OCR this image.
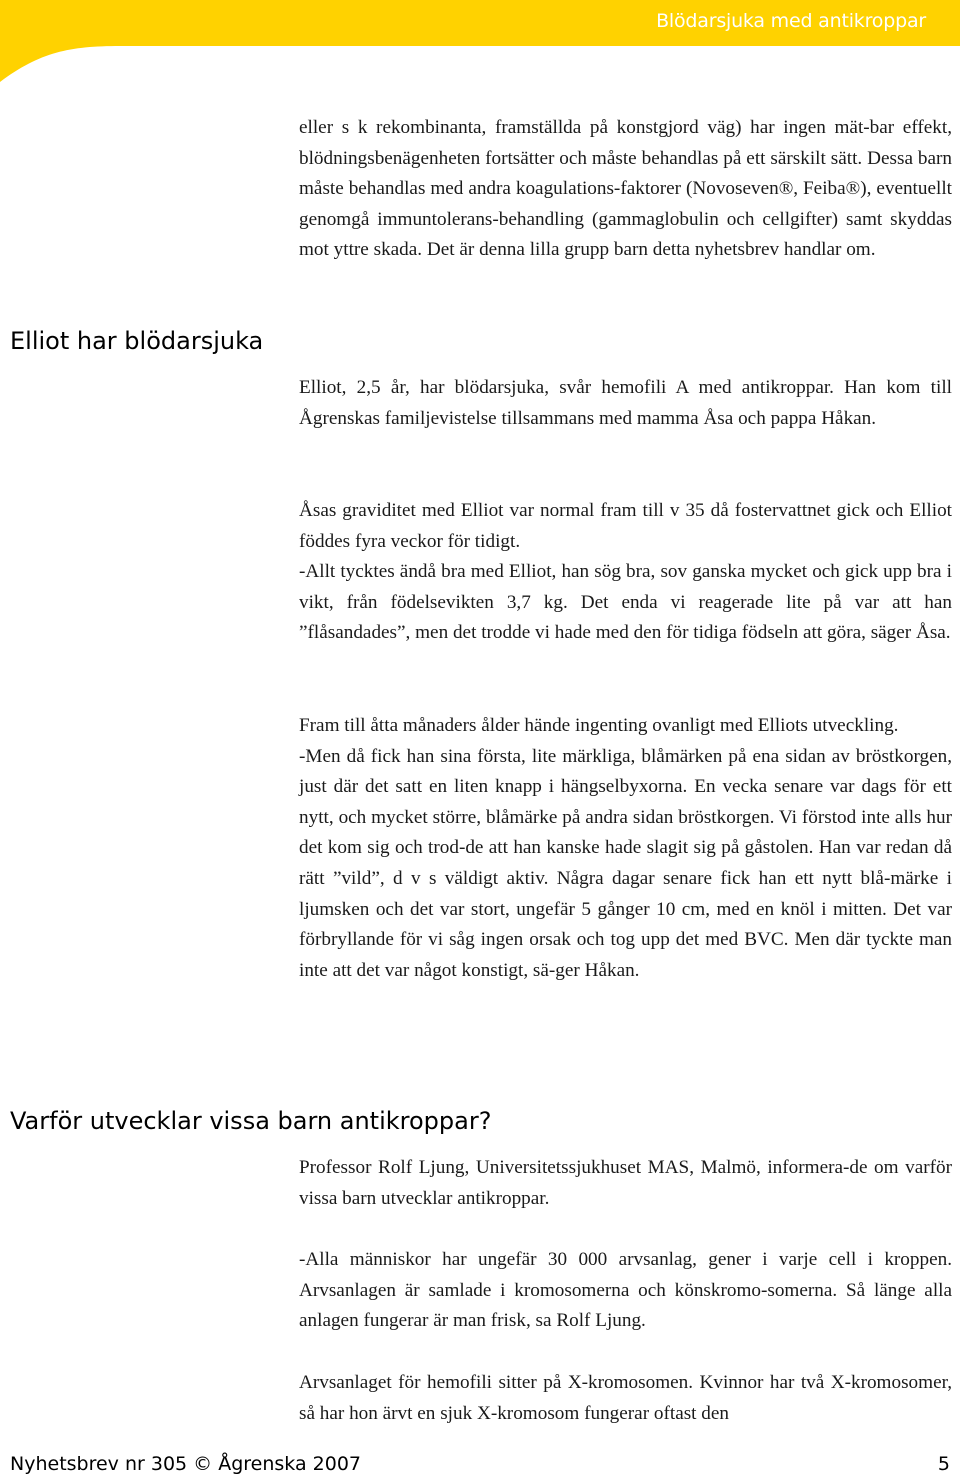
Blödarsjuka med antikroppar

eller s k rekombinanta, framställda på konstgjord väg) har ingen mät-bar effekt, blödningsbenägenheten fortsätter och måste behandlas på ett särskilt sätt. Dessa barn måste behandlas med andra koagulations-faktorer (Novoseven®, Feiba®), eventuellt genomgå immuntolerans-behandling (gammaglobulin och cellgifter) samt skyddas mot yttre skada. Det är denna lilla grupp barn detta nyhetsbrev handlar om.

Elliot har blödarsjuka

Elliot, 2,5 år, har blödarsjuka, svår hemofili A med antikroppar. Han kom till Ågrenskas familjevistelse tillsammans med mamma Åsa och pappa Håkan.

Åsas graviditet med Elliot var normal fram till v 35 då fostervattnet gick och Elliot föddes fyra veckor för tidigt.

-Allt tycktes ändå bra med Elliot, han sög bra, sov ganska mycket och gick upp bra i vikt, från födelsevikten 3,7 kg. Det enda vi reagerade lite på var att han ”flåsandades”, men det trodde vi hade med den för tidiga födseln att göra, säger Åsa.

Fram till åtta månaders ålder hände ingenting ovanligt med Elliots utveckling.

-Men då fick han sina första, lite märkliga, blåmärken på ena sidan av bröstkorgen, just där det satt en liten knapp i hängselbyxorna. En vecka senare var dags för ett nytt, och mycket större, blåmärke på andra sidan bröstkorgen. Vi förstod inte alls hur det kom sig och trod-de att han kanske hade slagit sig på gåstolen. Han var redan då rätt ”vild”, d v s väldigt aktiv. Några dagar senare fick han ett nytt blå-märke i ljumsken och det var stort, ungefär 5 gånger 10 cm, med en knöl i mitten. Det var förbryllande för vi såg ingen orsak och tog upp det med BVC. Men där tyckte man inte att det var något konstigt, sä-ger Håkan.

Varför utvecklar vissa barn antikroppar?

Professor Rolf Ljung, Universitetssjukhuset MAS, Malmö, informera-de om varför vissa barn utvecklar antikroppar.

-Alla människor har ungefär 30 000 arvsanlag, gener i varje cell i kroppen. Arvsanlagen är samlade i kromosomerna och könskromo-somerna. Så länge alla anlagen fungerar är man frisk, sa Rolf Ljung.

Arvsanlaget för hemofili sitter på X-kromosomen. Kvinnor har två X-kromosomer, så har hon ärvt en sjuk X-kromosom fungerar oftast den

Nyhetsbrev nr 305 © Ågrenska 2007	5
